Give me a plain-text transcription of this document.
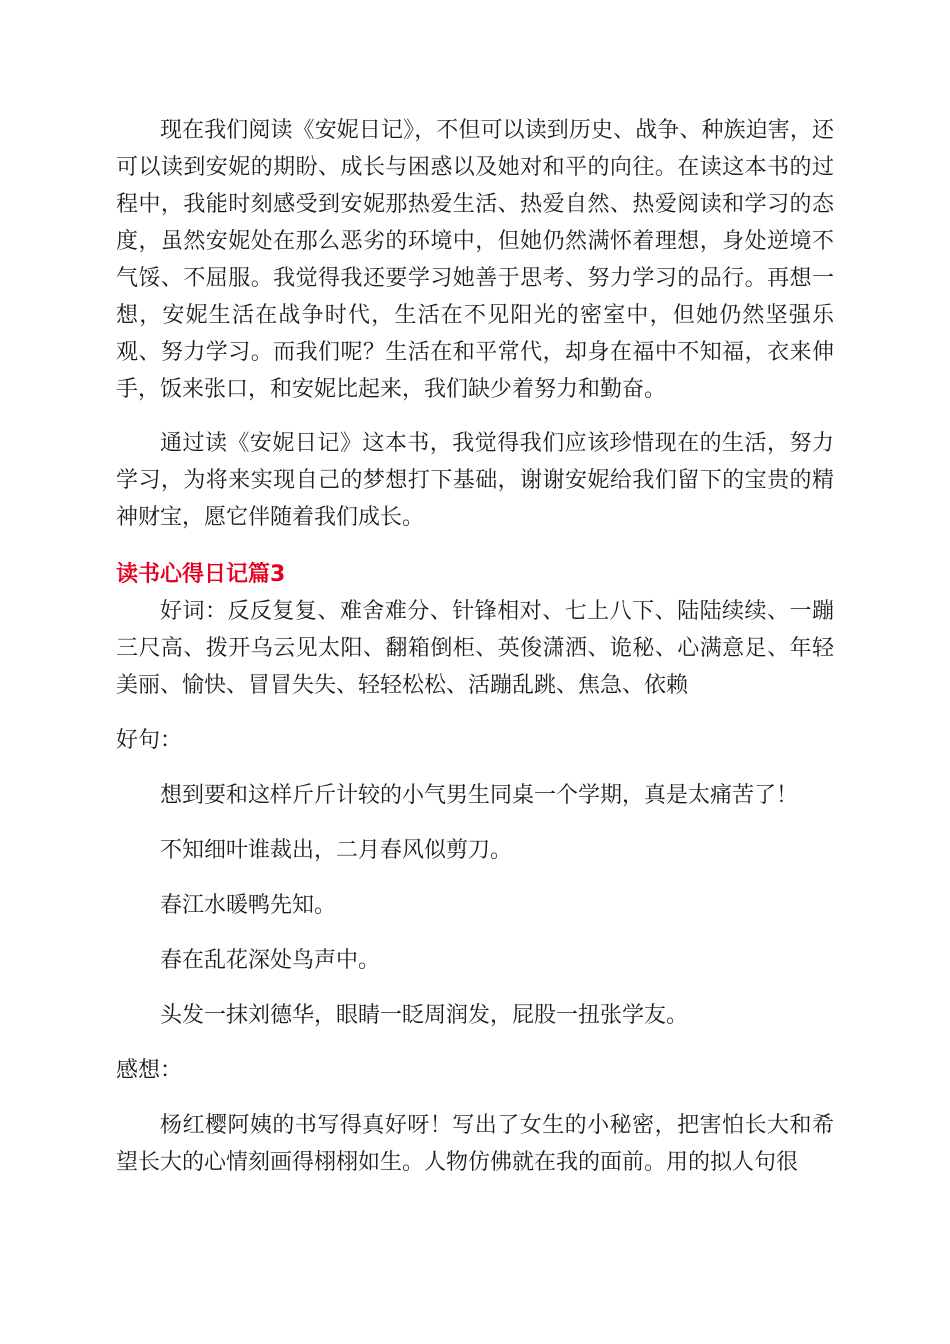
现在我们阅读《安妮日记》，不但可以读到历史、战争、种族迫害，还可以读到安妮的期盼、成长与困惑以及她对和平的向往。在读这本书的过程中，我能时刻感受到安妮那热爱生活、热爱自然、热爱阅读和学习的态度，虽然安妮处在那么恶劣的环境中，但她仍然满怀着理想，身处逆境不气馁、不屈服。我觉得我还要学习她善于思考、努力学习的品行。再想一想，安妮生活在战争时代，生活在不见阳光的密室中，但她仍然坚强乐观、努力学习。而我们呢？生活在和平常代，却身在福中不知福，衣来伸手，饭来张口，和安妮比起来，我们缺少着努力和勤奋。

通过读《安妮日记》这本书，我觉得我们应该珍惜现在的生活，努力学习，为将来实现自己的梦想打下基础，谢谢安妮给我们留下的宝贵的精神财宝，愿它伴随着我们成长。

读书心得日记篇3

好词：反反复复、难舍难分、针锋相对、七上八下、陆陆续续、一蹦三尺高、拨开乌云见太阳、翻箱倒柜、英俊潇洒、诡秘、心满意足、年轻美丽、愉快、冒冒失失、轻轻松松、活蹦乱跳、焦急、依赖

好句：

想到要和这样斤斤计较的小气男生同桌一个学期，真是太痛苦了！

不知细叶谁裁出，二月春风似剪刀。

春江水暖鸭先知。

春在乱花深处鸟声中。

头发一抹刘德华，眼睛一眨周润发，屁股一扭张学友。

感想：

杨红樱阿姨的书写得真好呀！写出了女生的小秘密，把害怕长大和希望长大的心情刻画得栩栩如生。人物仿佛就在我的面前。用的拟人句很
